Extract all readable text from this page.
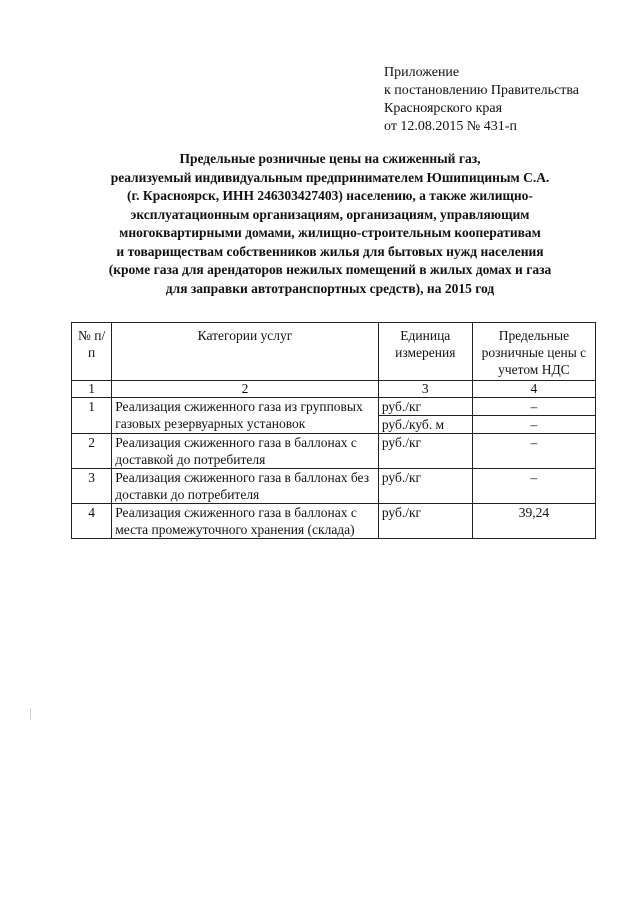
Приложение
к постановлению Правительства
Красноярского края
от 12.08.2015 № 431-п
Предельные розничные цены на сжиженный газ,
реализуемый индивидуальным предпринимателем Юшипициным С.А.
(г. Красноярск, ИНН 246303427403) населению, а также жилищно-
эксплуатационным организациям, организациям, управляющим
многоквартирными домами, жилищно-строительным кооперативам
и товариществам собственников жилья для бытовых нужд населения
(кроме газа для арендаторов нежилых помещений в жилых домах и газа
для заправки автотранспортных средств), на 2015 год
№ п/п	Категории услуг	Единица измерения	Предельные розничные цены с учетом НДС
1	2	3	4
1	Реализация сжиженного газа из групповых газовых резервуарных установок	руб./кг	–
		руб./куб. м	–
2	Реализация сжиженного газа в баллонах с доставкой до потребителя	руб./кг	–
3	Реализация сжиженного газа в баллонах без доставки до потребителя	руб./кг	–
4	Реализация сжиженного газа в баллонах с места промежуточного хранения (склада)	руб./кг	39,24
